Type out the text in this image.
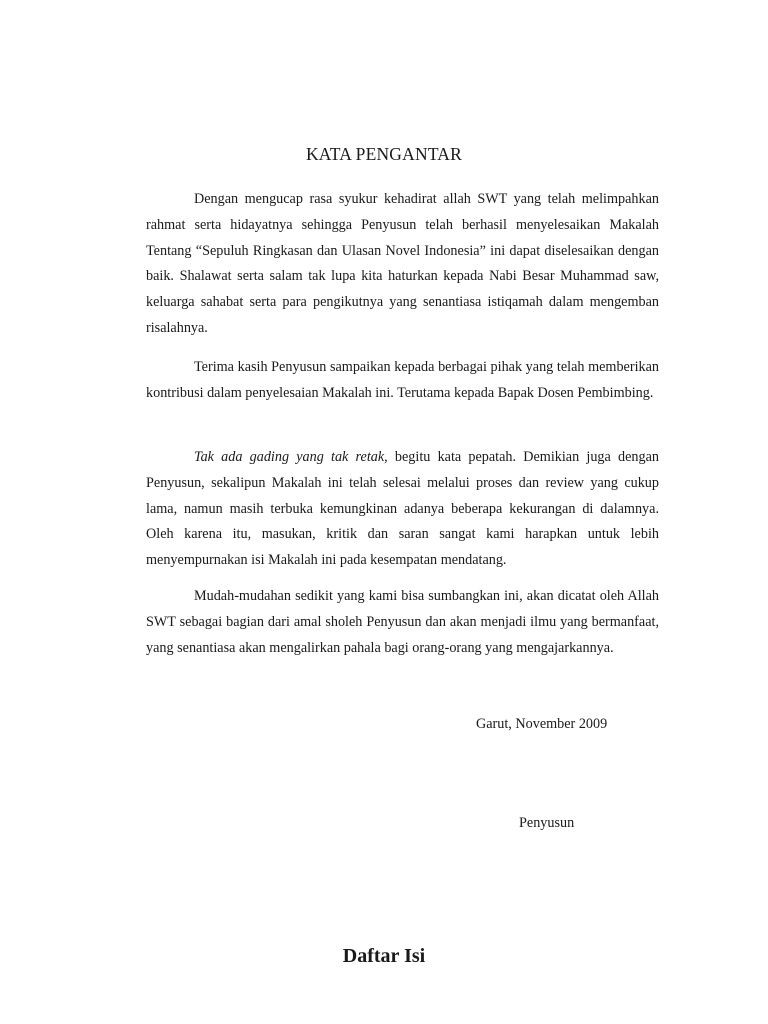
KATA PENGANTAR

Dengan mengucap rasa syukur kehadirat allah SWT yang telah melimpahkan rahmat serta hidayatnya sehingga Penyusun telah berhasil menyelesaikan Makalah Tentang “Sepuluh Ringkasan dan Ulasan Novel Indonesia” ini dapat diselesaikan dengan baik. Shalawat serta salam tak lupa kita haturkan kepada Nabi Besar Muhammad saw, keluarga sahabat serta para pengikutnya yang senantiasa istiqamah dalam mengemban risalahnya.

Terima kasih Penyusun sampaikan kepada berbagai pihak yang telah memberikan kontribusi dalam penyelesaian Makalah ini. Terutama kepada Bapak Dosen Pembimbing.

Tak ada gading yang tak retak, begitu kata pepatah. Demikian juga dengan Penyusun, sekalipun Makalah ini telah selesai melalui proses dan review yang cukup lama, namun masih terbuka kemungkinan adanya beberapa kekurangan di dalamnya. Oleh karena itu, masukan, kritik dan saran sangat kami harapkan untuk lebih menyempurnakan isi Makalah ini pada kesempatan mendatang.

Mudah-mudahan sedikit yang kami bisa sumbangkan ini, akan dicatat oleh Allah SWT sebagai bagian dari amal sholeh Penyusun dan akan menjadi ilmu yang bermanfaat, yang senantiasa akan mengalirkan pahala bagi orang-orang yang mengajarkannya.

Garut, November 2009

Penyusun

Daftar Isi
